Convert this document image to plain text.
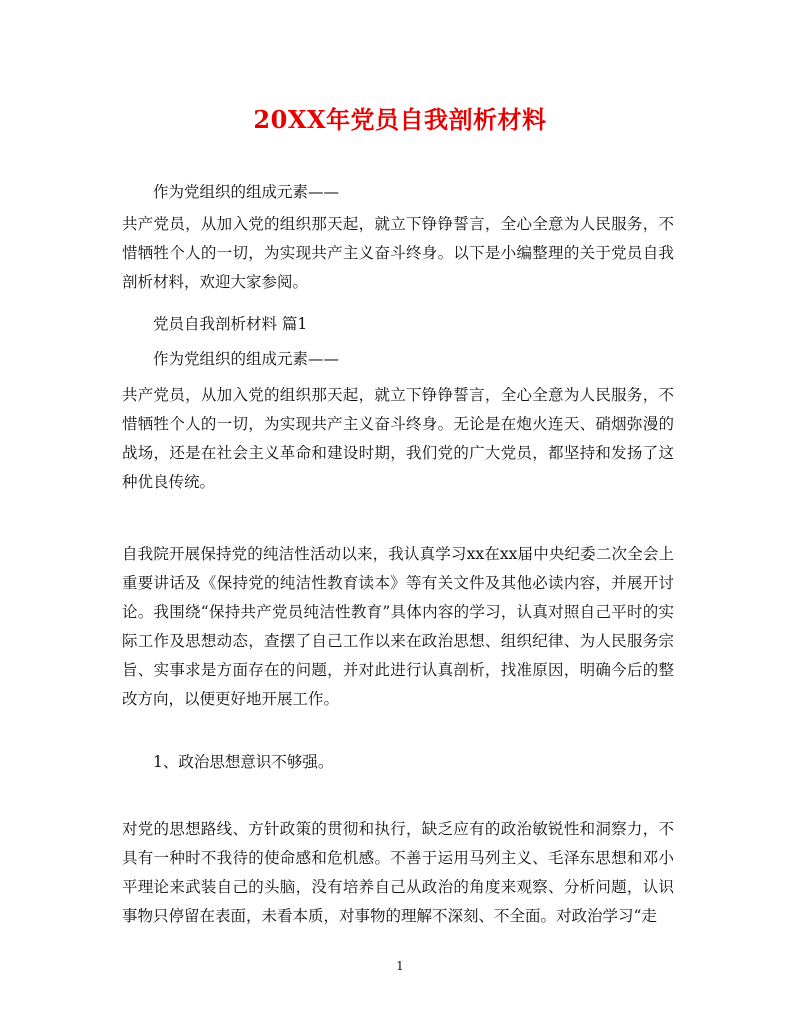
20XX年党员自我剖析材料

作为党组织的组成元素——

共产党员，从加入党的组织那天起，就立下铮铮誓言，全心全意为人民服务，不惜牺牲个人的一切，为实现共产主义奋斗终身。以下是小编整理的关于党员自我剖析材料，欢迎大家参阅。

党员自我剖析材料 篇1

作为党组织的组成元素——

共产党员，从加入党的组织那天起，就立下铮铮誓言，全心全意为人民服务，不惜牺牲个人的一切，为实现共产主义奋斗终身。无论是在炮火连天、硝烟弥漫的战场，还是在社会主义革命和建设时期，我们党的广大党员，都坚持和发扬了这种优良传统。

自我院开展保持党的纯洁性活动以来，我认真学习xx在xx届中央纪委二次全会上重要讲话及《保持党的纯洁性教育读本》等有关文件及其他必读内容，并展开讨论。我围绕“保持共产党员纯洁性教育”具体内容的学习，认真对照自己平时的实际工作及思想动态，查摆了自己工作以来在政治思想、组织纪律、为人民服务宗旨、实事求是方面存在的问题，并对此进行认真剖析，找准原因，明确今后的整改方向，以便更好地开展工作。

1、政治思想意识不够强。

对党的思想路线、方针政策的贯彻和执行，缺乏应有的政治敏锐性和洞察力，不具有一种时不我待的使命感和危机感。不善于运用马列主义、毛泽东思想和邓小平理论来武装自己的头脑，没有培养自己从政治的角度来观察、分析问题，认识事物只停留在表面，未看本质，对事物的理解不深刻、不全面。对政治学习“走

1
